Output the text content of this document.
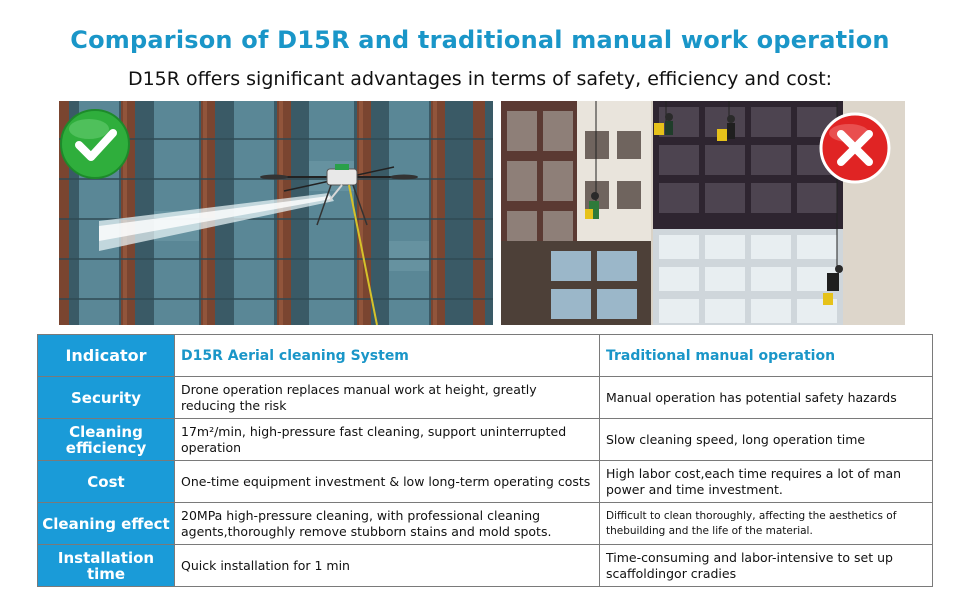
Comparison of D15R and traditional manual work operation
D15R offers significant advantages in terms of safety, efficiency and cost:
Indicator	D15R Aerial cleaning System	Traditional manual operation
Security	Drone operation replaces manual work at height, greatly reducing the risk	Manual operation has potential safety hazards
Cleaning efficiency	17m²/min, high-pressure fast cleaning, support uninterrupted operation	Slow cleaning speed, long operation time
Cost	One-time equipment investment & low long-term operating costs	High labor cost,each time requires a lot of man power and time investment.
Cleaning effect	20MPa high-pressure cleaning, with professional cleaning agents,thoroughly remove stubborn stains and mold spots.	Difficult to clean thoroughly, affecting the aesthetics of thebuilding and the life of the material.
Installation time	Quick installation for 1 min	Time-consuming and labor-intensive to set up scaffoldingor cradies
